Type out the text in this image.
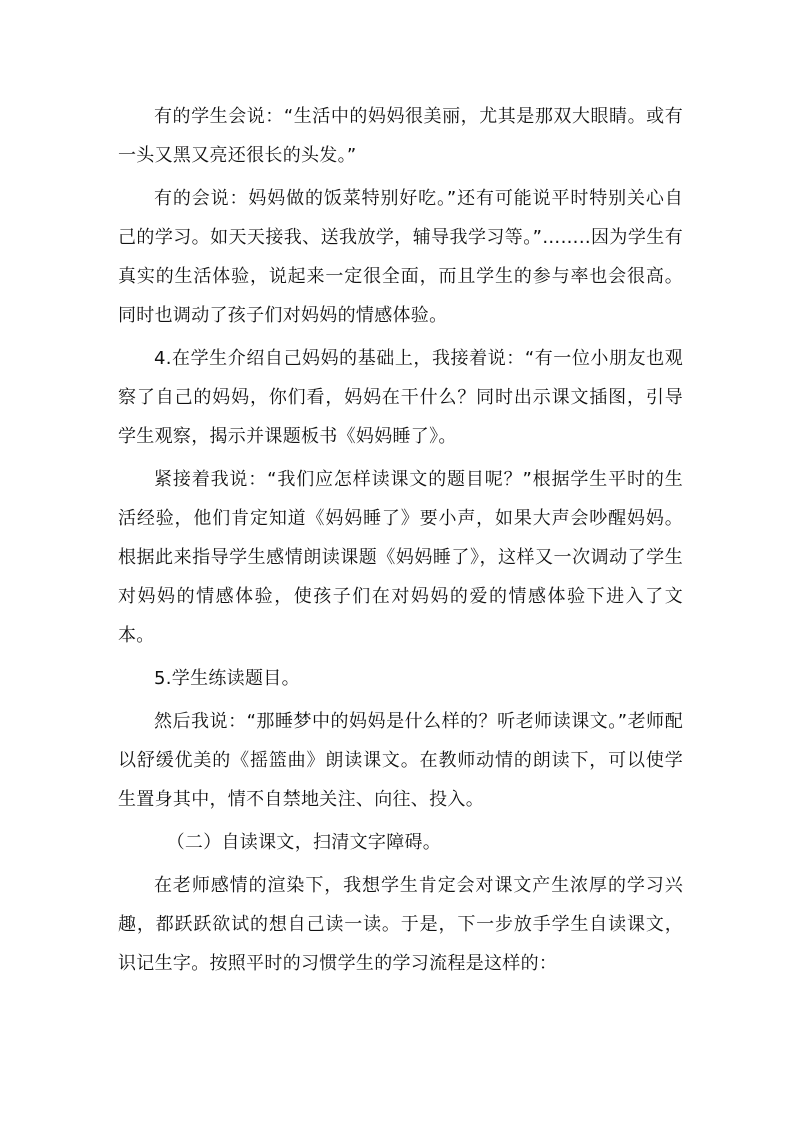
有的学生会说：“生活中的妈妈很美丽，尤其是那双大眼睛。或有一头又黑又亮还很长的头发。”

有的会说：妈妈做的饭菜特别好吃。”还有可能说平时特别关心自己的学习。如天天接我、送我放学，辅导我学习等。”……..因为学生有真实的生活体验，说起来一定很全面，而且学生的参与率也会很高。同时也调动了孩子们对妈妈的情感体验。

4.在学生介绍自己妈妈的基础上，我接着说：“有一位小朋友也观察了自己的妈妈，你们看，妈妈在干什么？同时出示课文插图，引导学生观察，揭示并课题板书《妈妈睡了》。

紧接着我说：“我们应怎样读课文的题目呢？”根据学生平时的生活经验，他们肯定知道《妈妈睡了》要小声，如果大声会吵醒妈妈。根据此来指导学生感情朗读课题《妈妈睡了》，这样又一次调动了学生对妈妈的情感体验，使孩子们在对妈妈的爱的情感体验下进入了文本。

5.学生练读题目。

然后我说：“那睡梦中的妈妈是什么样的？听老师读课文。”老师配以舒缓优美的《摇篮曲》朗读课文。在教师动情的朗读下，可以使学生置身其中，情不自禁地关注、向往、投入。

（二）自读课文，扫清文字障碍。

在老师感情的渲染下，我想学生肯定会对课文产生浓厚的学习兴趣，都跃跃欲试的想自己读一读。于是，下一步放手学生自读课文，识记生字。按照平时的习惯学生的学习流程是这样的：
